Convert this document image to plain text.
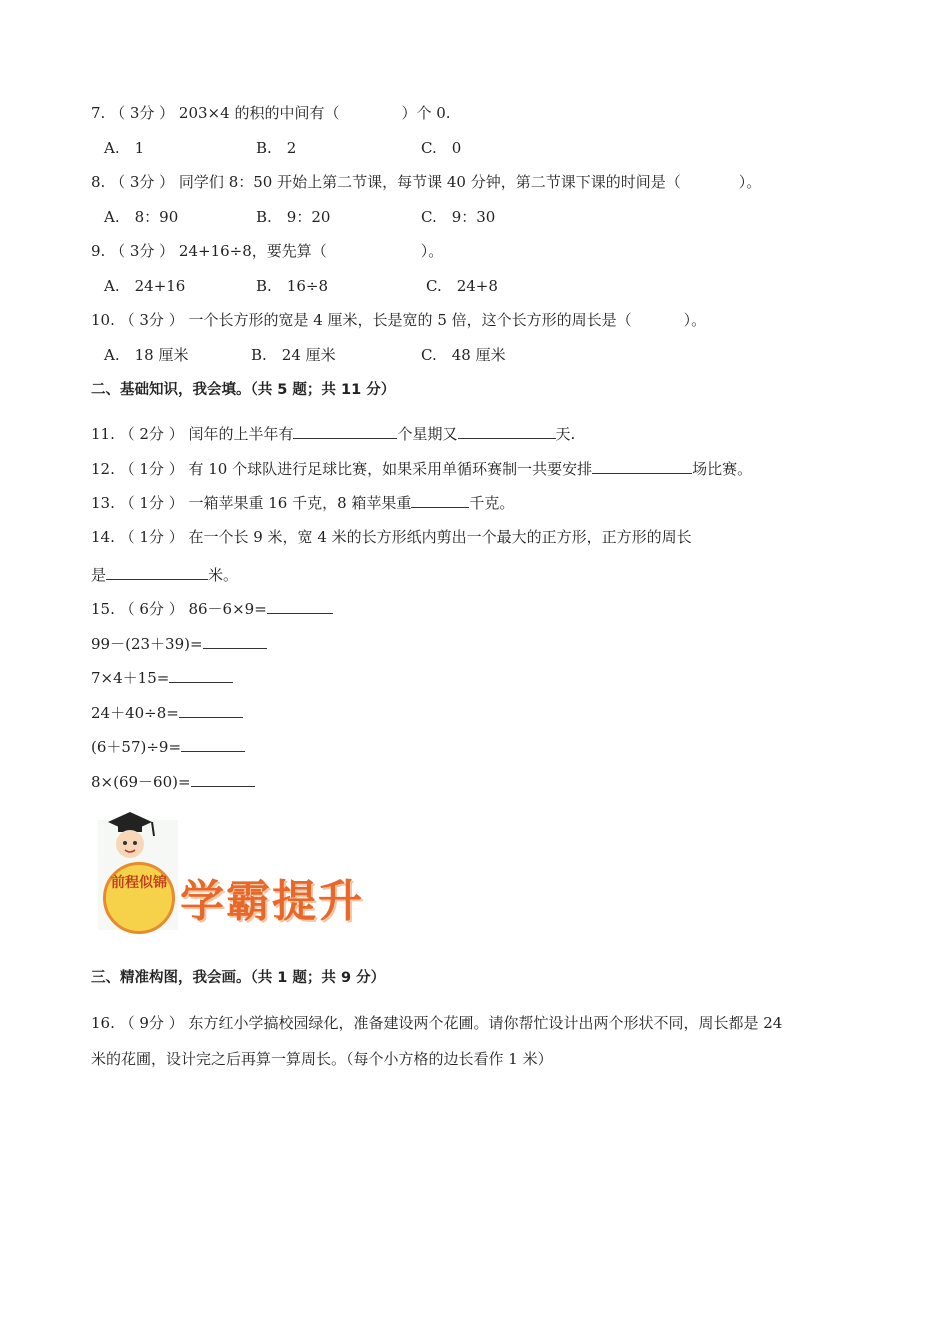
7. （ 3分 ） 203×4 的积的中间有（	）个 0.
A.　1	B.　2	C.　0
8. （ 3分 ） 同学们 8：50 开始上第二节课，每节课 40 分钟，第二节课下课的时间是（	）。
A.　8：90	B.　9：20	C.　9：30
9. （ 3分 ） 24+16÷8，要先算（	）。
A.　24+16	B.　16÷8	C.　24+8
10. （ 3分 ） 一个长方形的宽是 4 厘米，长是宽的 5 倍，这个长方形的周长是（	）。
A.　18 厘米	B.　24 厘米	C.　48 厘米
二、基础知识，我会填。（共 5 题；共 11 分）
11. （ 2分 ） 闰年的上半年有	个星期又	天.
12. （ 1分 ） 有 10 个球队进行足球比赛，如果采用单循环赛制一共要安排	场比赛。
13. （ 1分 ） 一箱苹果重 16 千克，8 箱苹果重	千克。
14. （ 1分 ） 在一个长 9 米，宽 4 米的长方形纸内剪出一个最大的正方形，正方形的周长
是	米。
15. （ 6分 ） 86－6×9=
99－(23＋39)=
7×4＋15=
24＋40÷8=
(6＋57)÷9=
8×(69－60)=
前程似锦 学霸提升
三、精准构图，我会画。（共 1 题；共 9 分）
16. （ 9分 ） 东方红小学搞校园绿化，准备建设两个花圃。请你帮忙设计出两个形状不同，周长都是 24
米的花圃，设计完之后再算一算周长。（每个小方格的边长看作 1 米）
